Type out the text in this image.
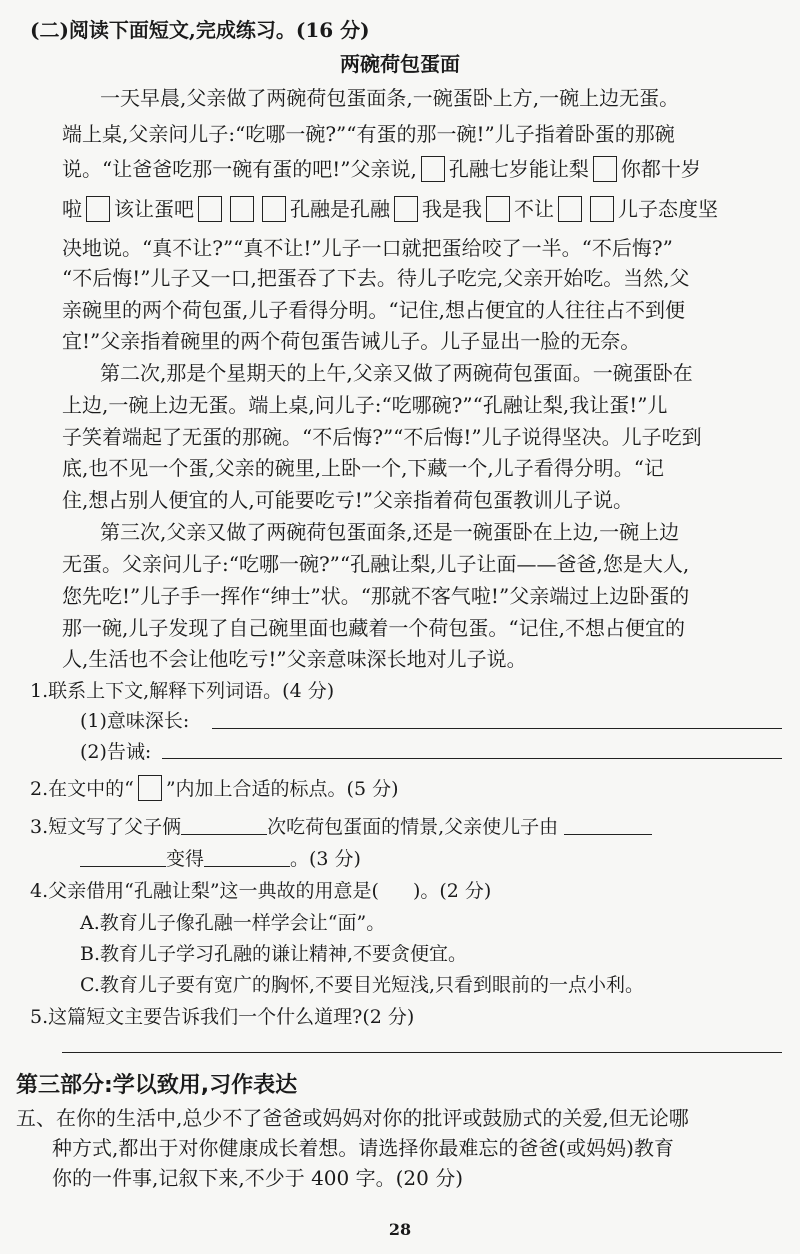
(二)阅读下面短文,完成练习。(16 分)
两碗荷包蛋面
一天早晨,父亲做了两碗荷包蛋面条,一碗蛋卧上方,一碗上边无蛋。
端上桌,父亲问儿子:“吃哪一碗?”“有蛋的那一碗!”儿子指着卧蛋的那碗
说。“让爸爸吃那一碗有蛋的吧!”父亲说, 孔融七岁能让梨 你都十岁
啦 该让蛋吧	孔融是孔融 我是我 不让	儿子态度坚
决地说。“真不让?”“真不让!”儿子一口就把蛋给咬了一半。“不后悔?”
“不后悔!”儿子又一口,把蛋吞了下去。待儿子吃完,父亲开始吃。当然,父
亲碗里的两个荷包蛋,儿子看得分明。“记住,想占便宜的人往往占不到便
宜!”父亲指着碗里的两个荷包蛋告诫儿子。儿子显出一脸的无奈。
第二次,那是个星期天的上午,父亲又做了两碗荷包蛋面。一碗蛋卧在
上边,一碗上边无蛋。端上桌,问儿子:“吃哪碗?”“孔融让梨,我让蛋!”儿
子笑着端起了无蛋的那碗。“不后悔?”“不后悔!”儿子说得坚决。儿子吃到
底,也不见一个蛋,父亲的碗里,上卧一个,下藏一个,儿子看得分明。“记
住,想占别人便宜的人,可能要吃亏!”父亲指着荷包蛋教训儿子说。
第三次,父亲又做了两碗荷包蛋面条,还是一碗蛋卧在上边,一碗上边
无蛋。父亲问儿子:“吃哪一碗?”“孔融让梨,儿子让面——爸爸,您是大人,
您先吃!”儿子手一挥作“绅士”状。“那就不客气啦!”父亲端过上边卧蛋的
那一碗,儿子发现了自己碗里面也藏着一个荷包蛋。“记住,不想占便宜的
人,生活也不会让他吃亏!”父亲意味深长地对儿子说。
1.联系上下文,解释下列词语。(4 分)
(1)意味深长:
(2)告诫:
2.在文中的“ ”内加上合适的标点。(5 分)
3.短文写了父子俩	次吃荷包蛋面的情景,父亲使儿子由
变得	。(3 分)
4.父亲借用“孔融让梨”这一典故的用意是( )。(2 分)
A.教育儿子像孔融一样学会让“面”。
B.教育儿子学习孔融的谦让精神,不要贪便宜。
C.教育儿子要有宽广的胸怀,不要目光短浅,只看到眼前的一点小利。
5.这篇短文主要告诉我们一个什么道理?(2 分)
第三部分:学以致用,习作表达
五、在你的生活中,总少不了爸爸或妈妈对你的批评或鼓励式的关爱,但无论哪
种方式,都出于对你健康成长着想。请选择你最难忘的爸爸(或妈妈)教育
你的一件事,记叙下来,不少于 400 字。(20 分)
28
